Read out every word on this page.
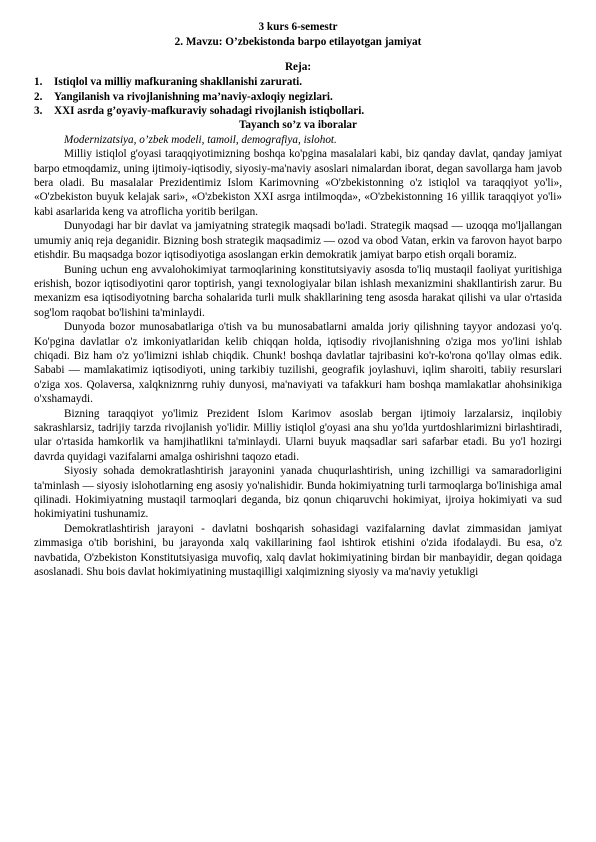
3 kurs 6-semestr
2. Mavzu: O’zbekistonda barpo etilayotgan jamiyat
Reja:
1.	Istiqlol va milliy mafkuraning shakllanishi zarurati.
2.	Yangilanish va rivojlanishning ma’naviy-axloqiy negizlari.
3.	XXI asrda g’oyaviy-mafkuraviy sohadagi rivojlanish istiqbollari.
Tayanch so’z va iboralar
Modernizatsiya, o’zbek modeli, tamoil, demografiya, islohot.

Milliy istiqlol g'oyasi taraqqiyotimizning boshqa ko'pgina masalalari kabi, biz qanday davlat, qanday jamiyat barpo etmoqdamiz, uning ijtimoiy-iqtisodiy, siyosiy-ma'naviy asoslari nimalardan iborat, degan savollarga ham javob bera oladi. Bu masalalar Prezidentimiz Islom Karimovning «O'zbekistonning o'z istiqlol va taraqqiyot yo'li», «O'zbekiston buyuk kelajak sari», «O'zbekiston XXI asrga intilmoqda», «O'zbekistonning 16 yillik taraqqiyot yo'li» kabi asarlarida keng va atroflicha yoritib berilgan.

Dunyodagi har bir davlat va jamiyatning strategik maqsadi bo'ladi. Strategik maqsad — uzoqqa mo'ljallangan umumiy aniq reja deganidir. Bizning bosh strategik maqsadimiz — ozod va obod Vatan, erkin va farovon hayot barpo etishdir. Bu maqsadga bozor iqtisodiyotiga asoslangan erkin demokratik jamiyat barpo etish orqali boramiz.

Buning uchun eng avvalohokimiyat tarmoqlarining konstitutsiyaviy asosda to'liq mustaqil faoliyat yuritishiga erishish, bozor iqtisodiyotini qaror toptirish, yangi texnologiyalar bilan ishlash mexanizmini shakllantirish zarur. Bu mexanizm esa iqtisodiyotning barcha sohalarida turli mulk shakllarining teng asosda harakat qilishi va ular o'rtasida sog'lom raqobat bo'lishini ta'minlaydi.

Dunyoda bozor munosabatlariga o'tish va bu munosabatlarni amalda joriy qilishning tayyor andozasi yo'q. Ko'pgina davlatlar o'z imkoniyatlaridan kelib chiqqan holda, iqtisodiy rivojlanishning o'ziga mos yo'lini ishlab chiqadi. Biz ham o'z yo'limizni ishlab chiqdik. Chunk! boshqa davlatlar tajribasini ko'r-ko'rona qo'llay olmas edik. Sababi — mamlakatimiz iqtisodiyoti, uning tarkibiy tuzilishi, geografik joylashuvi, iqlim sharoiti, tabiiy resurslari o'ziga xos. Qolaversa, xalqkniznrng ruhiy dunyosi, ma'naviyati va tafakkuri ham boshqa mamlakatlar ahohsinikiga o'xshamaydi.

Bizning taraqqiyot yo'limiz Prezident Islom Karimov asoslab bergan ijtimoiy larzalarsiz, inqilobiy sakrashlarsiz, tadrijiy tarzda rivojlanish yo'lidir. Milliy istiqlol g'oyasi ana shu yo'lda yurtdoshlarimizni birlashtiradi, ular o'rtasida hamkorlik va hamjihatlikni ta'minlaydi. Ularni buyuk maqsadlar sari safarbar etadi. Bu yo'l hozirgi davrda quyidagi vazifalarni amalga oshirishni taqozo etadi.

Siyosiy sohada demokratlashtirish jarayonini yanada chuqurlashtirish, uning izchilligi va samaradorligini ta'minlash — siyosiy islohotlarning eng asosiy yo'nalishidir. Bunda hokimiyatning turli tarmoqlarga bo'linishiga amal qilinadi. Hokimiyatning mustaqil tarmoqlari deganda, biz qonun chiqaruvchi hokimiyat, ijroiya hokimiyati va sud hokimiyatini tushunamiz.

Demokratlashtirish jarayoni - davlatni boshqarish sohasidagi vazifalarning davlat zimmasidan jamiyat zimmasiga o'tib borishini, bu jarayonda xalq vakillarining faol ishtirok etishini o'zida ifodalaydi. Bu esa, o'z navbatida, O'zbekiston Konstitutsiyasiga muvofiq, xalq davlat hokimiyatining birdan bir manbayidir, degan qoidaga asoslanadi. Shu bois davlat hokimiyatining mustaqilligi xalqimizning siyosiy va ma'naviy yetukligi
